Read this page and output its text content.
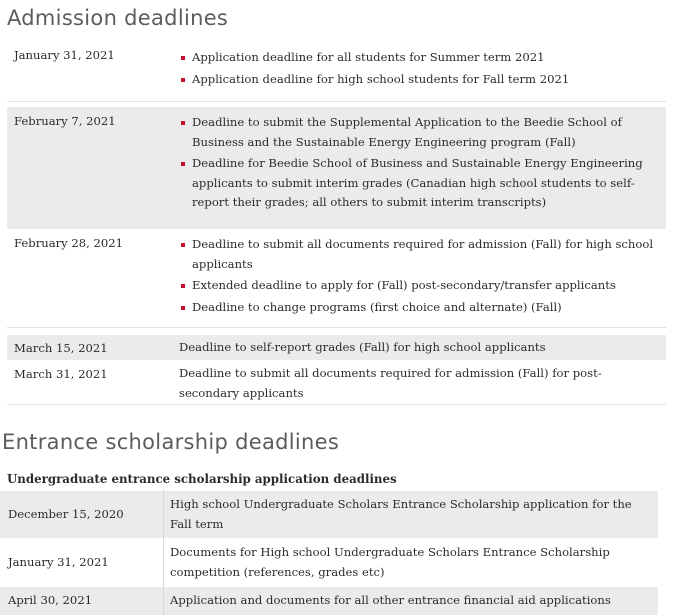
Admission deadlines
January 31, 2021	Application deadline for all students for Summer term 2021
Application deadline for high school students for Fall term 2021
February 7, 2021	Deadline to submit the Supplemental Application to the Beedie School of Business and the Sustainable Energy Engineering program (Fall)
Deadline for Beedie School of Business and Sustainable Energy Engineering applicants to submit interim grades (Canadian high school students to self-report their grades; all others to submit interim transcripts)
February 28, 2021	Deadline to submit all documents required for admission (Fall) for high school applicants
Extended deadline to apply for (Fall) post-secondary/transfer applicants
Deadline to change programs (first choice and alternate) (Fall)
March 15, 2021	Deadline to self-report grades (Fall) for high school applicants
March 31, 2021	Deadline to submit all documents required for admission (Fall) for post-secondary applicants
Entrance scholarship deadlines
Undergraduate entrance scholarship application deadlines
December 15, 2020	High school Undergraduate Scholars Entrance Scholarship application for the Fall term
January 31, 2021	Documents for High school Undergraduate Scholars Entrance Scholarship competition (references, grades etc)
April 30, 2021	Application and documents for all other entrance financial aid applications
